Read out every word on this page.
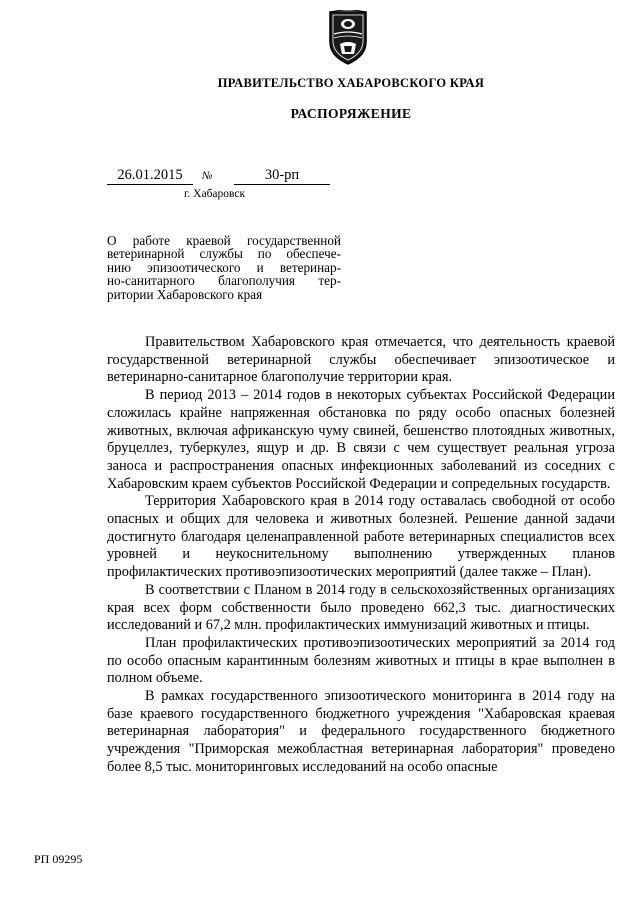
ПРАВИТЕЛЬСТВО ХАБАРОВСКОГО КРАЯ
РАСПОРЯЖЕНИЕ
26.01.2015	№	30-рп
г. Хабаровск
О работе краевой государственной
ветеринарной службы по обеспече-
нию эпизоотического и ветеринар-
но-санитарного благополучия тер-
ритории Хабаровского края

Правительством Хабаровского края отмечается, что деятельность краевой государственной ветеринарной службы обеспечивает эпизоотическое и ветеринарно-санитарное благополучие территории края.

В период 2013 – 2014 годов в некоторых субъектах Российской Федерации сложилась крайне напряженная обстановка по ряду особо опасных болезней животных, включая африканскую чуму свиней, бешенство плотоядных животных, бруцеллез, туберкулез, ящур и др. В связи с чем существует реальная угроза заноса и распространения опасных инфекционных заболеваний из соседних с Хабаровским краем субъектов Российской Федерации и сопредельных государств.

Территория Хабаровского края в 2014 году оставалась свободной от особо опасных и общих для человека и животных болезней. Решение данной задачи достигнуто благодаря целенаправленной работе ветеринарных специалистов всех уровней и неукоснительному выполнению утвержденных планов профилактических противоэпизоотических мероприятий (далее также – План).

В соответствии с Планом в 2014 году в сельскохозяйственных организациях края всех форм собственности было проведено 662,3 тыс. диагностических исследований и 67,2 млн. профилактических иммунизаций животных и птицы.

План профилактических противоэпизоотических мероприятий за 2014 год по особо опасным карантинным болезням животных и птицы в крае выполнен в полном объеме.

В рамках государственного эпизоотического мониторинга в 2014 году на базе краевого государственного бюджетного учреждения "Хабаровская краевая ветеринарная лаборатория" и федерального государственного бюджетного учреждения "Приморская межобластная ветеринарная лаборатория" проведено более 8,5 тыс. мониторинговых исследований на особо опасные

РП 09295
